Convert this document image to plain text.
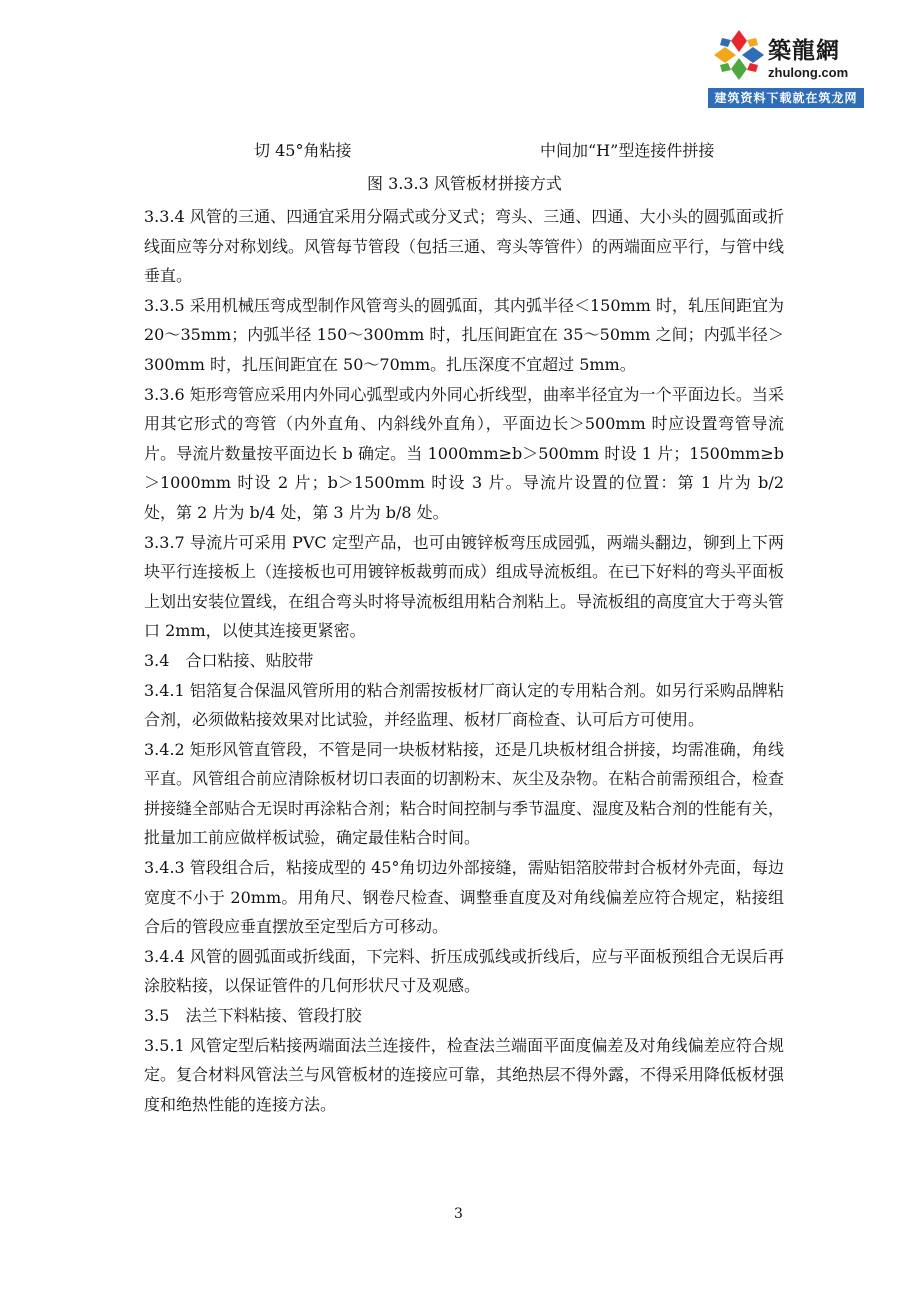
築龍網
zhulong.com
建筑资料下载就在筑龙网
切 45°角粘接	中间加“H”型连接件拼接
图 3.3.3 风管板材拼接方式

3.3.4 风管的三通、四通宜采用分隔式或分叉式；弯头、三通、四通、大小头的圆弧面或折线面应等分对称划线。风管每节管段（包括三通、弯头等管件）的两端面应平行，与管中线垂直。

3.3.5 采用机械压弯成型制作风管弯头的圆弧面，其内弧半径＜150mm 时，轧压间距宜为 20～35mm；内弧半径 150～300mm 时，扎压间距宜在 35～50mm 之间；内弧半径＞300mm 时，扎压间距宜在 50～70mm。扎压深度不宜超过 5mm。

3.3.6 矩形弯管应采用内外同心弧型或内外同心折线型，曲率半径宜为一个平面边长。当采用其它形式的弯管（内外直角、内斜线外直角），平面边长＞500mm 时应设置弯管导流片。导流片数量按平面边长 b 确定。当 1000mm≥b＞500mm 时设 1 片；1500mm≥b＞1000mm 时设 2 片；b＞1500mm 时设 3 片。导流片设置的位置：第 1 片为 b/2 处，第 2 片为 b/4 处，第 3 片为 b/8 处。

3.3.7 导流片可采用 PVC 定型产品，也可由镀锌板弯压成园弧，两端头翻边，铆到上下两块平行连接板上（连接板也可用镀锌板裁剪而成）组成导流板组。在已下好料的弯头平面板上划出安装位置线，在组合弯头时将导流板组用粘合剂粘上。导流板组的高度宜大于弯头管口 2mm，以使其连接更紧密。

3.4　合口粘接、贴胶带

3.4.1 铝箔复合保温风管所用的粘合剂需按板材厂商认定的专用粘合剂。如另行采购品牌粘合剂，必须做粘接效果对比试验，并经监理、板材厂商检查、认可后方可使用。

3.4.2 矩形风管直管段，不管是同一块板材粘接，还是几块板材组合拼接，均需准确，角线平直。风管组合前应清除板材切口表面的切割粉末、灰尘及杂物。在粘合前需预组合，检查拼接缝全部贴合无误时再涂粘合剂；粘合时间控制与季节温度、湿度及粘合剂的性能有关，批量加工前应做样板试验，确定最佳粘合时间。

3.4.3 管段组合后，粘接成型的 45°角切边外部接缝，需贴铝箔胶带封合板材外壳面，每边宽度不小于 20mm。用角尺、钢卷尺检查、调整垂直度及对角线偏差应符合规定，粘接组合后的管段应垂直摆放至定型后方可移动。

3.4.4 风管的圆弧面或折线面，下完料、折压成弧线或折线后，应与平面板预组合无误后再涂胶粘接，以保证管件的几何形状尺寸及观感。

3.5　法兰下料粘接、管段打胶

3.5.1 风管定型后粘接两端面法兰连接件，检查法兰端面平面度偏差及对角线偏差应符合规定。复合材料风管法兰与风管板材的连接应可靠，其绝热层不得外露，不得采用降低板材强度和绝热性能的连接方法。

3
